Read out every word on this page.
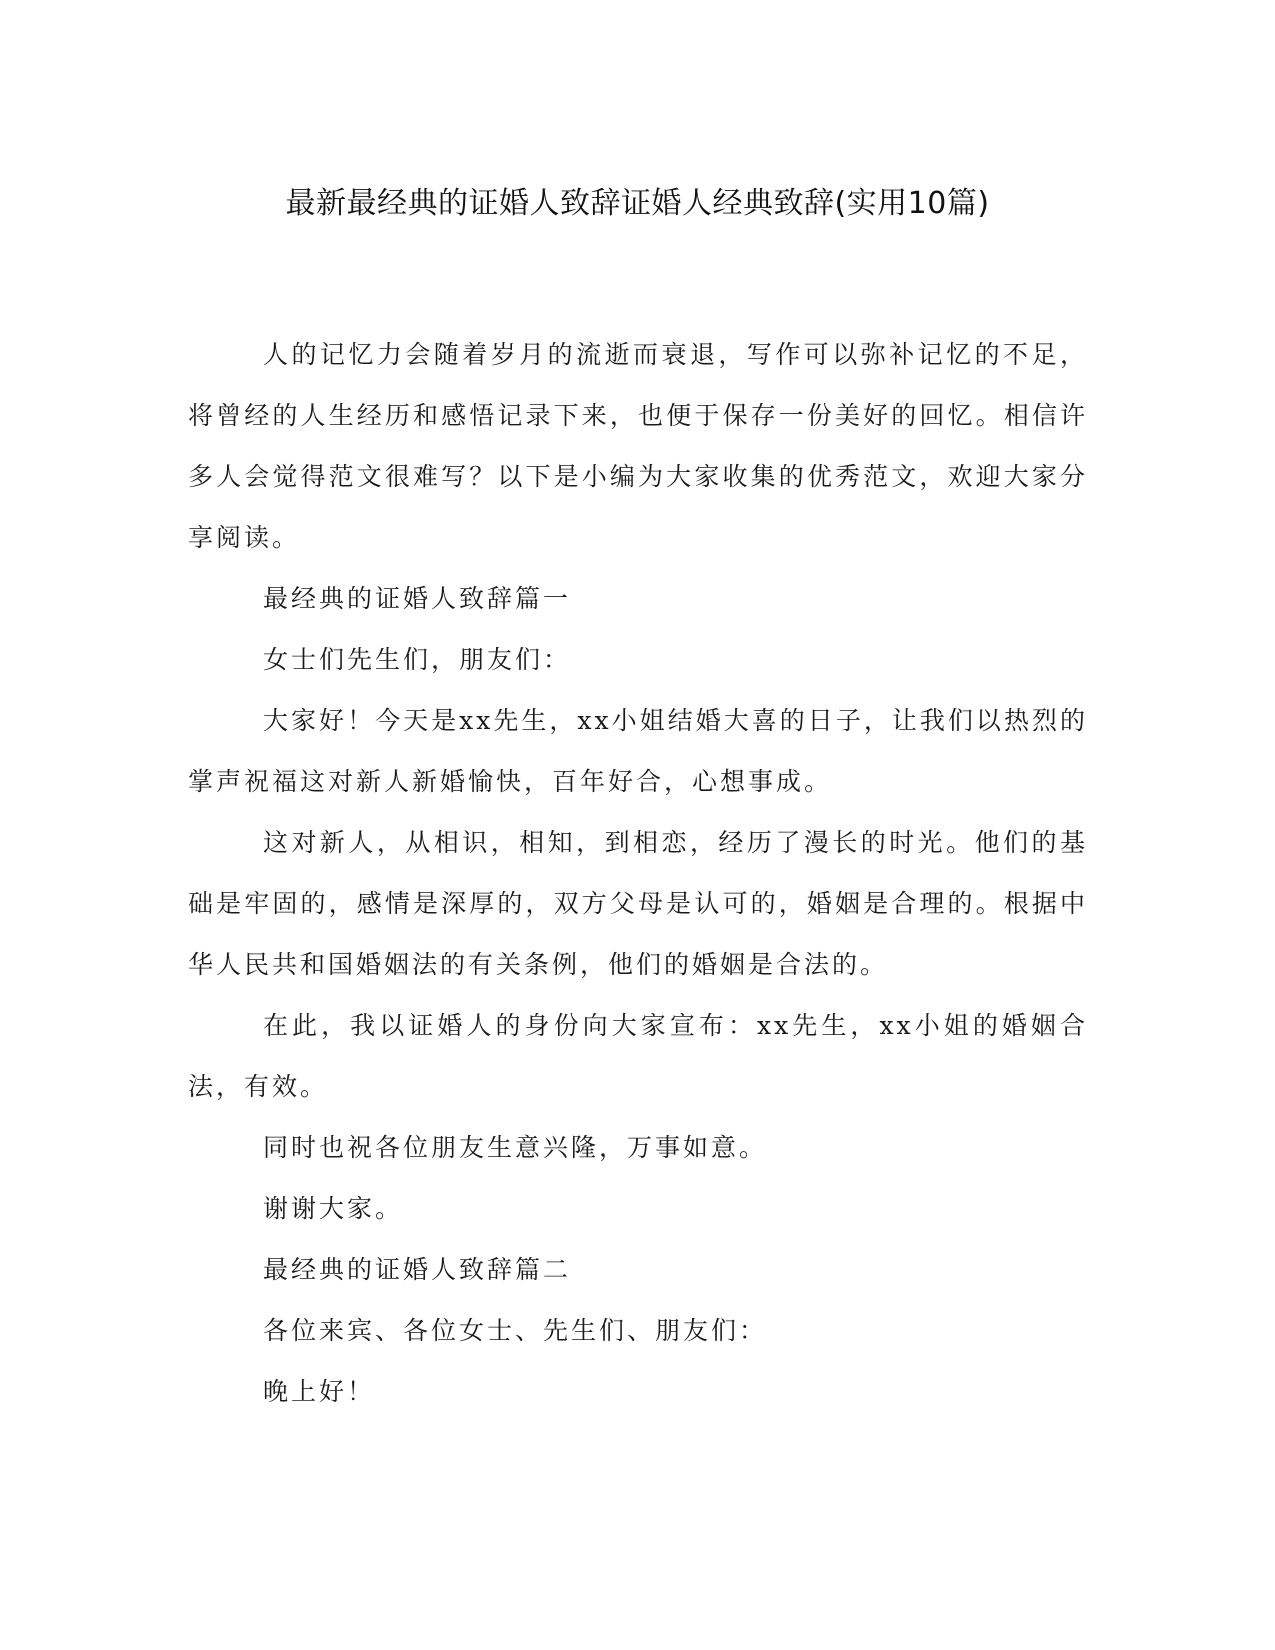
最新最经典的证婚人致辞证婚人经典致辞(实用10篇)

人的记忆力会随着岁月的流逝而衰退，写作可以弥补记忆的不足，将曾经的人生经历和感悟记录下来，也便于保存一份美好的回忆。相信许多人会觉得范文很难写？以下是小编为大家收集的优秀范文，欢迎大家分享阅读。

最经典的证婚人致辞篇一

女士们先生们，朋友们：

大家好！今天是xx先生，xx小姐结婚大喜的日子，让我们以热烈的掌声祝福这对新人新婚愉快，百年好合，心想事成。

这对新人，从相识，相知，到相恋，经历了漫长的时光。他们的基础是牢固的，感情是深厚的，双方父母是认可的，婚姻是合理的。根据中华人民共和国婚姻法的有关条例，他们的婚姻是合法的。

在此，我以证婚人的身份向大家宣布：xx先生，xx小姐的婚姻合法，有效。

同时也祝各位朋友生意兴隆，万事如意。

谢谢大家。

最经典的证婚人致辞篇二

各位来宾、各位女士、先生们、朋友们：

晚上好！
